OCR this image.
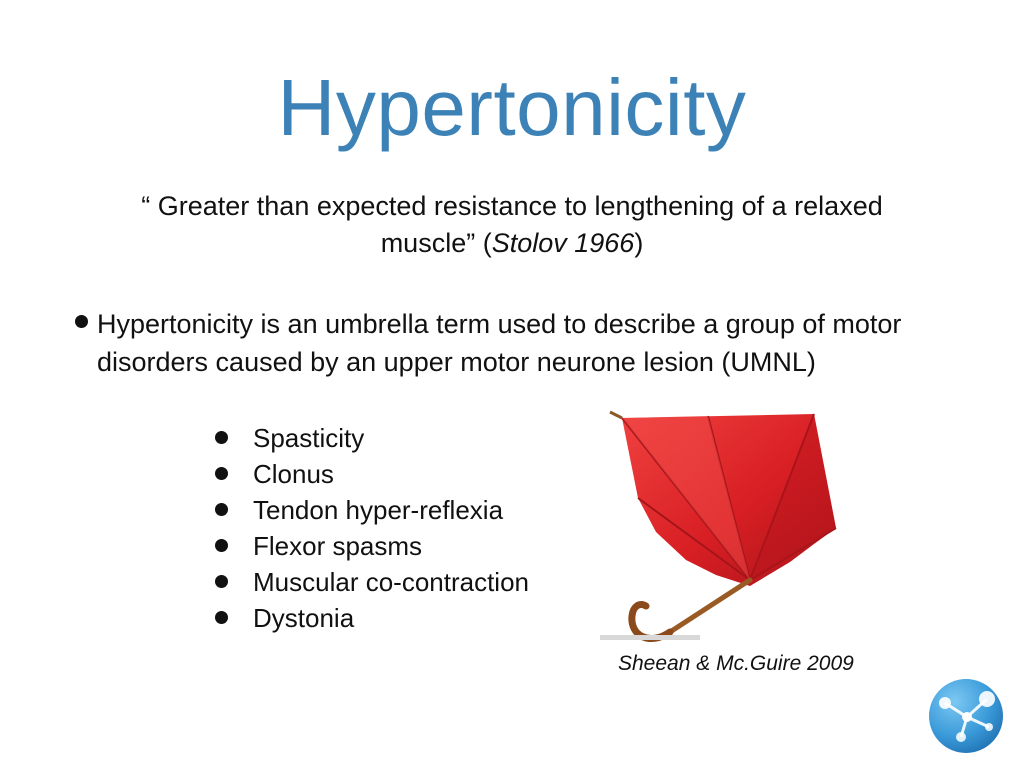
Hypertonicity
“ Greater than expected resistance to lengthening of a relaxed muscle” (Stolov 1966)
Hypertonicity is an umbrella term used to describe a group of motor disorders caused by an upper motor neurone lesion (UMNL)
Spasticity
Clonus
Tendon hyper-reflexia
Flexor spasms
Muscular co-contraction
Dystonia
Sheean & Mc.Guire 2009
